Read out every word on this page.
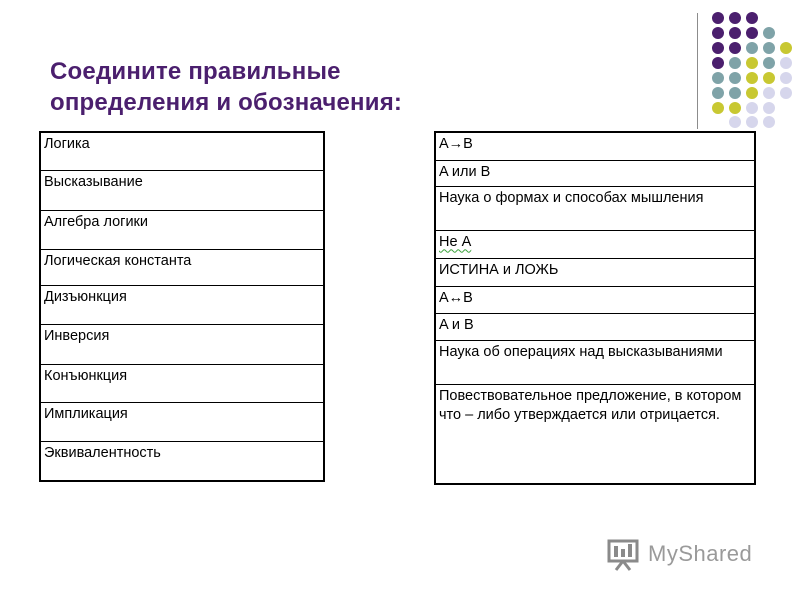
Соедините правильные
определения и обозначения:
Логика
Высказывание
Алгебра логики
Логическая константа
Дизъюнкция
Инверсия
Конъюнкция
Импликация
Эквивалентность
A→B
A или B
Наука о формах и способах мышления
Не A
ИСТИНА и ЛОЖЬ
A↔B
A и B
Наука об операциях над высказываниями
Повествовательное предложение, в котором что – либо утверждается или отрицается.
MyShared
